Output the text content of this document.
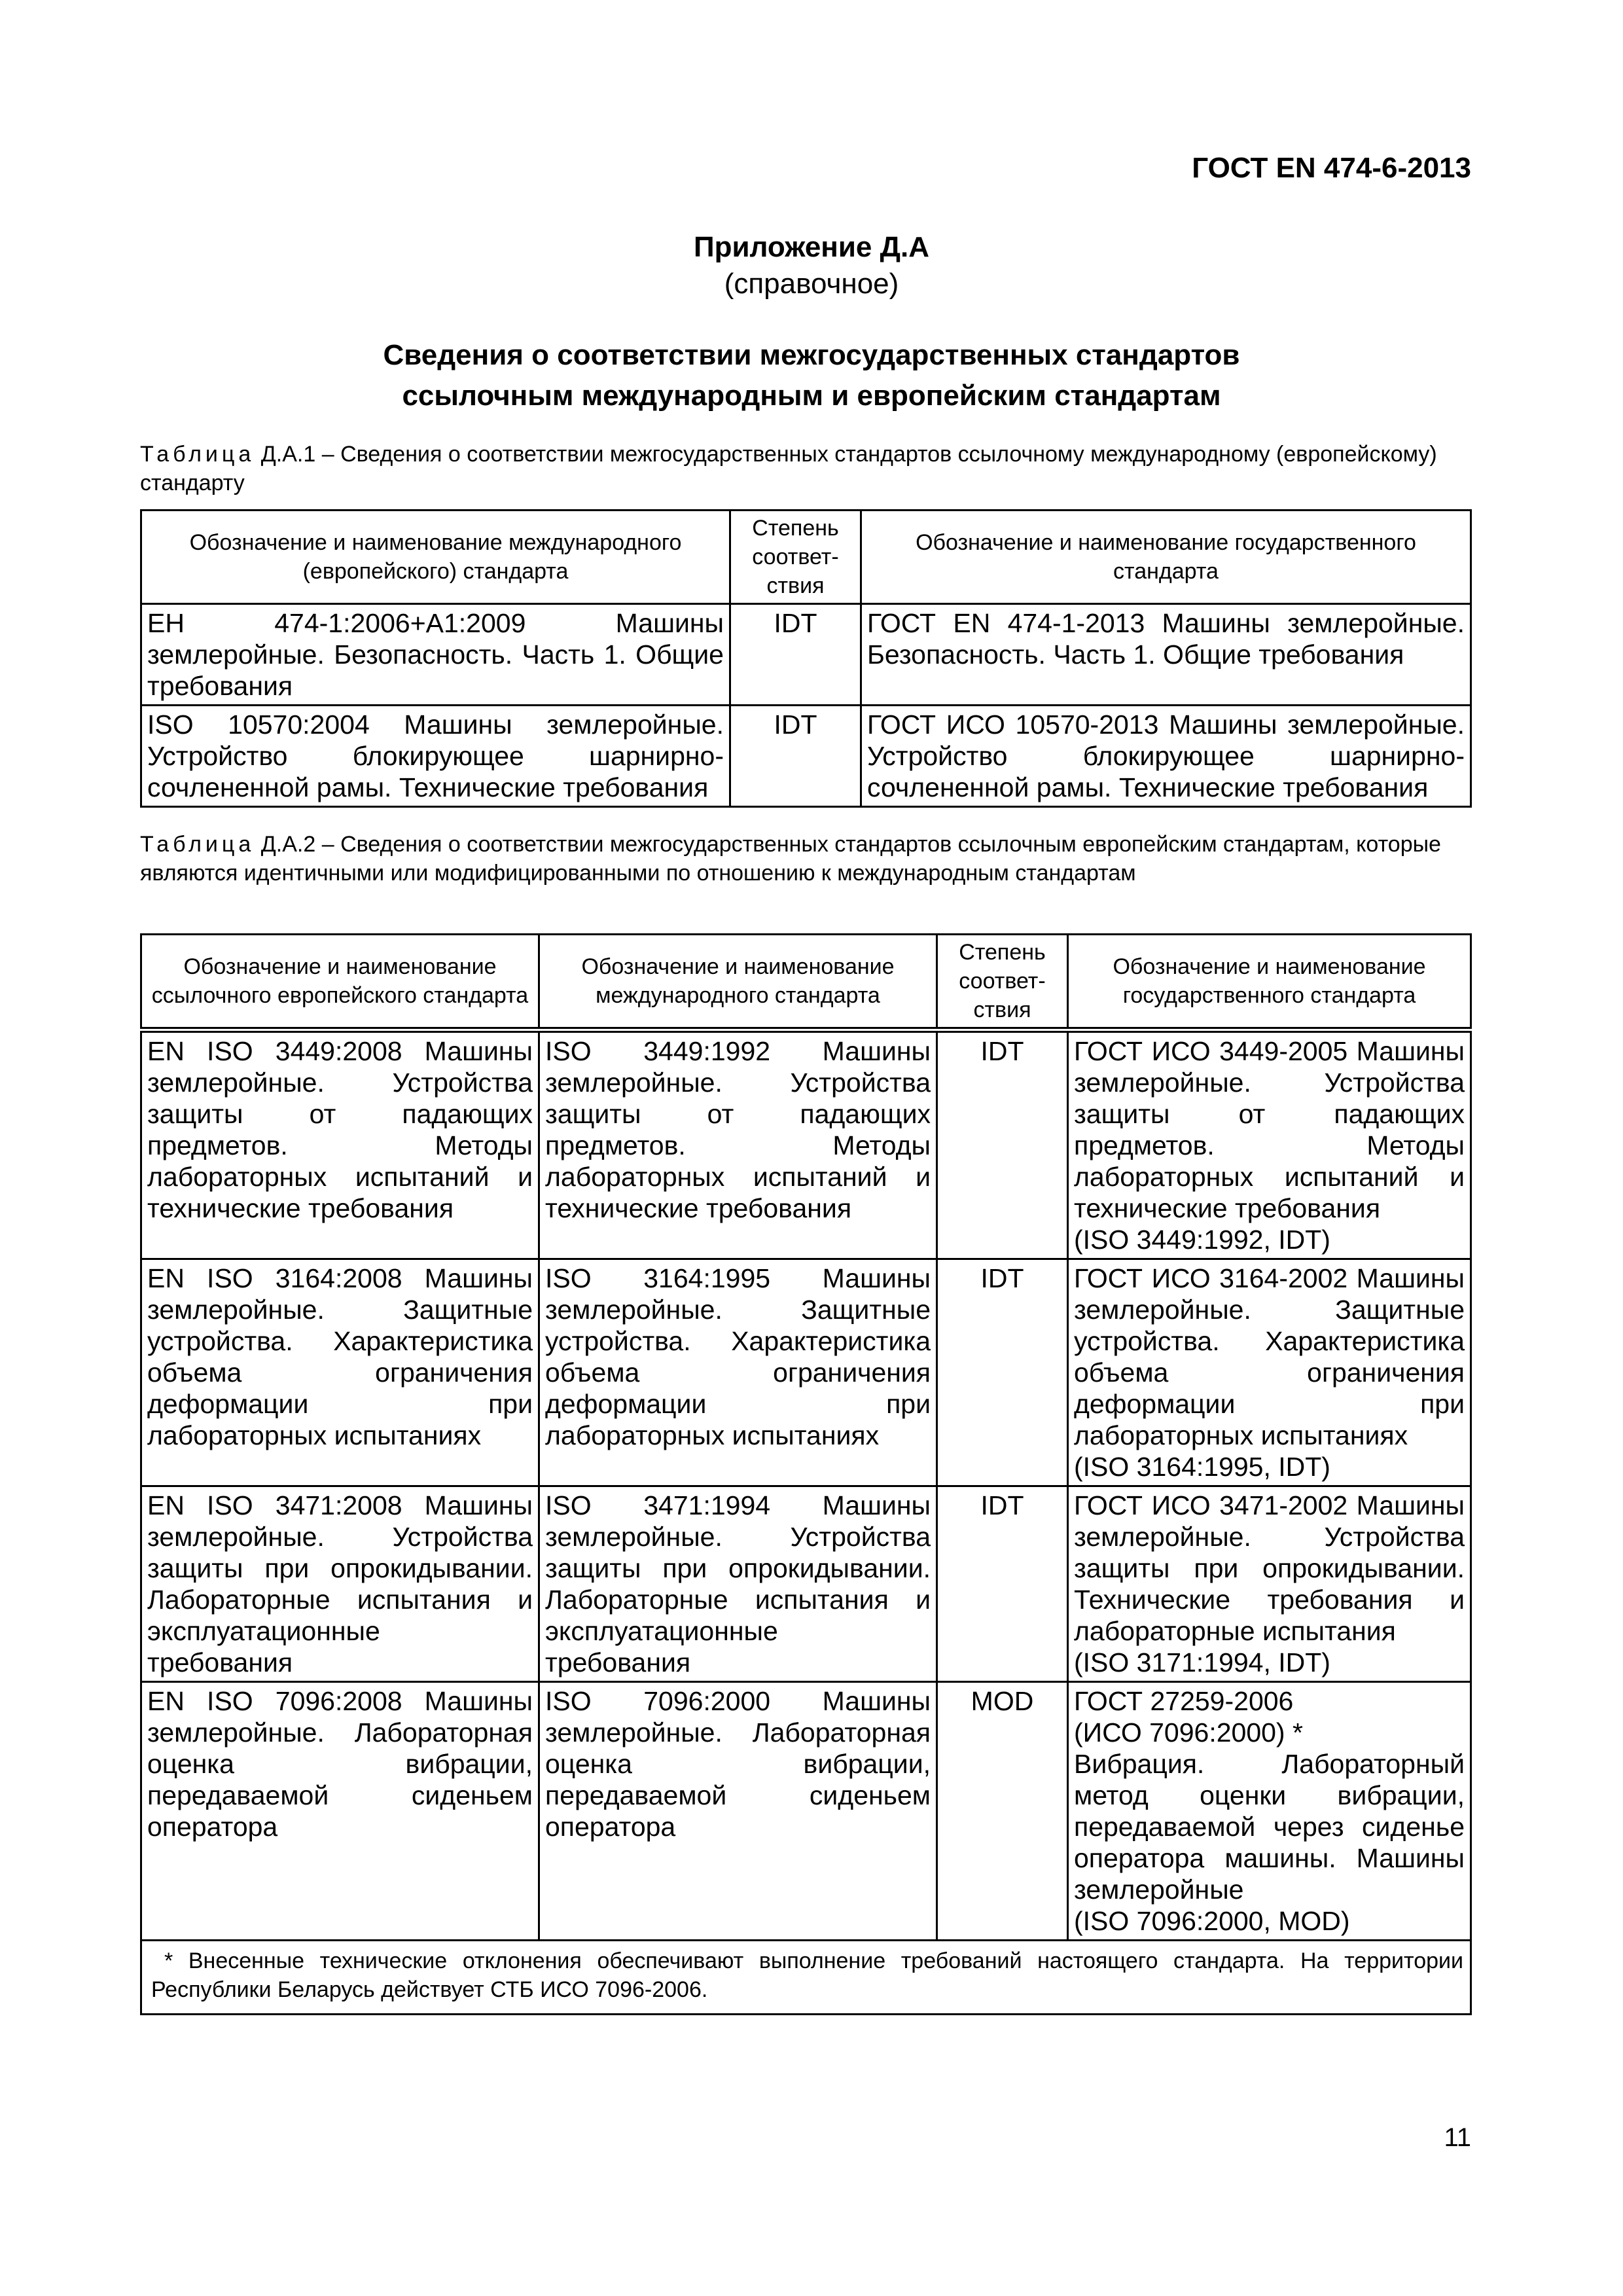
ГОСТ EN 474-6-2013
Приложение Д.А
(справочное)
Сведения о соответствии межгосударственных стандартов
ссылочным международным и европейским стандартам
Таблица Д.А.1 – Сведения о соответствии межгосударственных стандартов ссылочному международному (европейскому) стандарту
Обозначение и наименование международного (европейского) стандарта	Степень соответ-ствия	Обозначение и наименование государственного стандарта
ЕН 474-1:2006+А1:2009 Машины землеройные. Безопасность. Часть 1. Общие требования	IDT	ГОСТ EN 474-1-2013 Машины землеройные. Безопасность. Часть 1. Общие требования
ISO 10570:2004 Машины землеройные. Устройство блокирующее шарнирно-сочлененной рамы. Технические требования	IDT	ГОСТ ИСО 10570-2013 Машины землеройные. Устройство блокирующее шарнирно-сочлененной рамы. Технические требования
Таблица Д.А.2 – Сведения о соответствии межгосударственных стандартов ссылочным европейским стандартам, которые являются идентичными или модифицированными по отношению к международным стандартам
Обозначение и наименование ссылочного европейского стандарта	Обозначение и наименование международного стандарта	Степень соответ-ствия	Обозначение и наименование государственного стандарта
EN ISO 3449:2008 Машины землеройные. Устройства защиты от падающих предметов. Методы лабораторных испытаний и технические требования	ISO 3449:1992 Машины землеройные. Устройства защиты от падающих предметов. Методы лабораторных испытаний и технические требования	IDT	ГОСТ ИСО 3449-2005 Машины землеройные. Устройства защиты от падающих предметов. Методы лабораторных испытаний и технические требования
(ISO 3449:1992, IDT)

EN ISO 3164:2008 Машины землеройные. Защитные устройства. Характеристика объема ограничения деформации при лабораторных испытаниях	ISO 3164:1995 Машины землеройные. Защитные устройства. Характеристика объема ограничения деформации при лабораторных испытаниях	IDT	ГОСТ ИСО 3164-2002 Машины землеройные. Защитные устройства. Характеристика объема ограничения деформации при лабораторных испытаниях
(ISO 3164:1995, IDT)

EN ISO 3471:2008 Машины землеройные. Устройства защиты при опрокидывании. Лабораторные испытания и эксплуатационные требования	ISO 3471:1994 Машины землеройные. Устройства защиты при опрокидывании. Лабораторные испытания и эксплуатационные требования	IDT	ГОСТ ИСО 3471-2002 Машины землеройные. Устройства защиты при опрокидывании. Технические требования и лабораторные испытания
(ISO 3171:1994, IDT)

EN ISO 7096:2008 Машины землеройные. Лабораторная оценка вибрации, передаваемой сиденьем оператора	ISO 7096:2000 Машины землеройные. Лабораторная оценка вибрации, передаваемой сиденьем оператора	MOD	ГОСТ 27259-2006
(ИСО 7096:2000) *
Вибрация. Лабораторный метод оценки вибрации, передаваемой через сиденье оператора машины. Машины землеройные
(ISO 7096:2000, MOD)

* Внесенные технические отклонения обеспечивают выполнение требований настоящего стандарта. На территории Республики Беларусь действует СТБ ИСО 7096-2006.			
11
